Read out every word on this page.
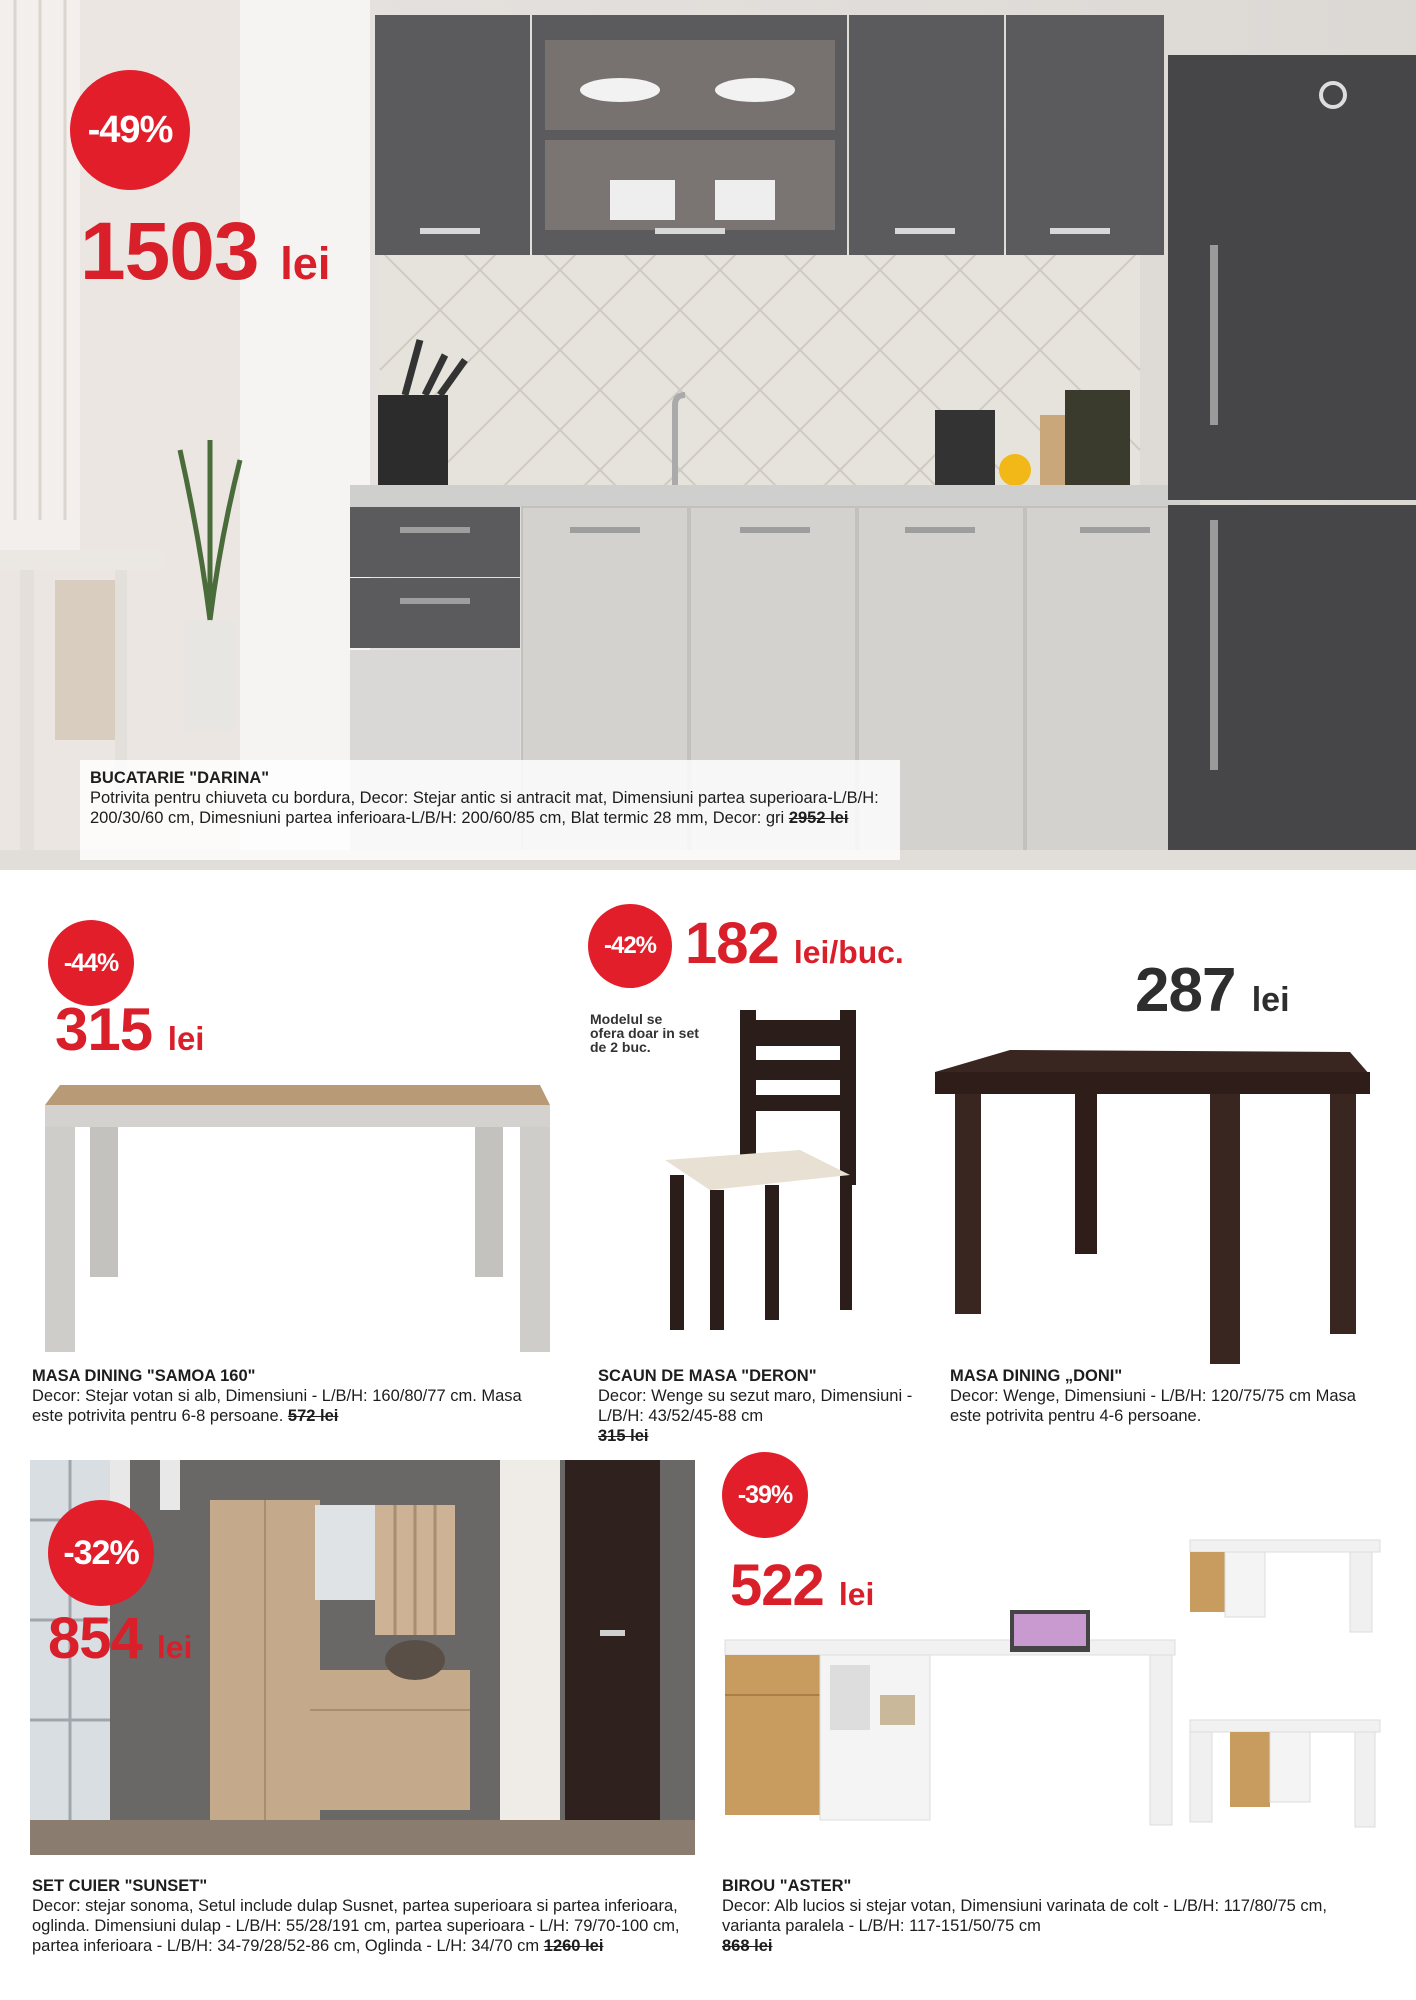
-49%
1503 lei
BUCATARIE "DARINA"
Potrivita pentru chiuveta cu bordura, Decor: Stejar antic si antracit mat, Dimensiuni partea superioara-L/B/H: 200/30/60 cm, Dimesniuni partea inferioara-L/B/H: 200/60/85 cm, Blat termic 28 mm, Decor: gri 2952 lei
-44%
315 lei
MASA DINING "SAMOA 160"
Decor: Stejar votan si alb, Dimensiuni - L/B/H: 160/80/77 cm. Masa este potrivita pentru 6-8 persoane. 572 lei
-42% 182 lei/buc.
Modelul se ofera doar in set de 2 buc.
SCAUN DE MASA "DERON"
Decor: Wenge su sezut maro, Dimensiuni - L/B/H: 43/52/45-88 cm
315 lei
287 lei
MASA DINING „DONI"
Decor: Wenge, Dimensiuni - L/B/H: 120/75/75 cm Masa este potrivita pentru 4-6 persoane.
-32%
854 lei
SET CUIER "SUNSET"
Decor: stejar sonoma, Setul include dulap Susnet, partea superioara si partea inferioara, oglinda. Dimensiuni dulap - L/B/H: 55/28/191 cm, partea superioara - L/H: 79/70-100 cm, partea inferioara - L/B/H: 34-79/28/52-86 cm, Oglinda - L/H: 34/70 cm 1260 lei
-39%
522 lei
BIROU "ASTER"
Decor: Alb lucios si stejar votan, Dimensiuni varinata de colt - L/B/H: 117/80/75 cm, varianta paralela - L/B/H: 117-151/50/75 cm
868 lei
